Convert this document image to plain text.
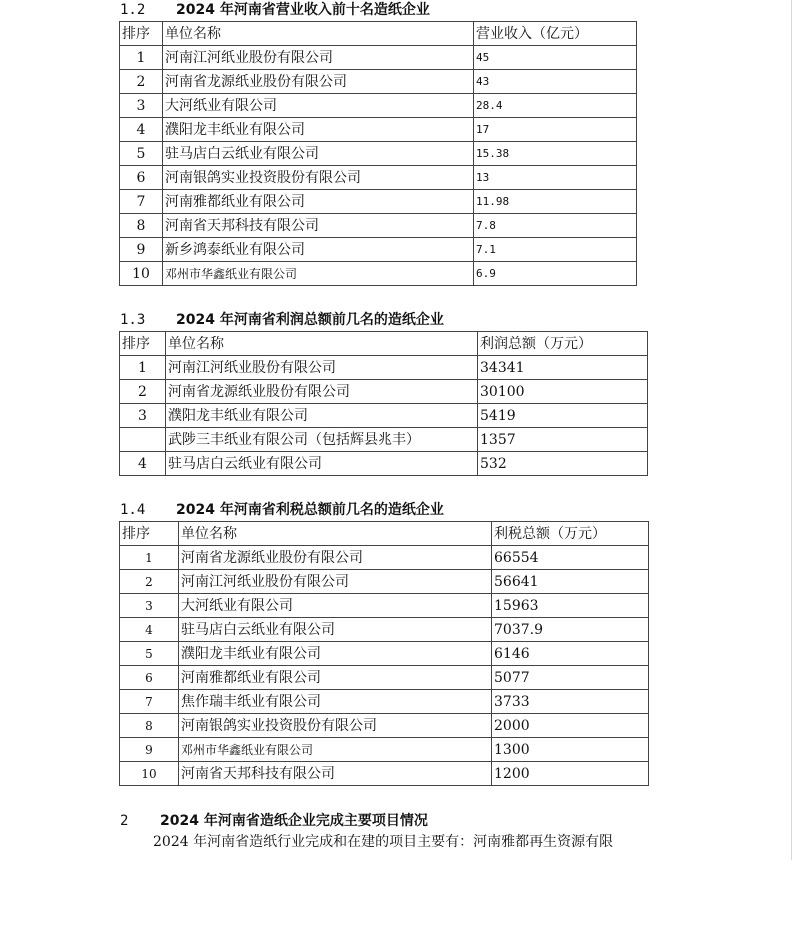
1.2 2024 年河南省营业收入前十名造纸企业
排序	单位名称	营业收入（亿元）
1	河南江河纸业股份有限公司	45
2	河南省龙源纸业股份有限公司	43
3	大河纸业有限公司	28.4
4	濮阳龙丰纸业有限公司	17
5	驻马店白云纸业有限公司	15.38
6	河南银鸽实业投资股份有限公司	13
7	河南雅都纸业有限公司	11.98
8	河南省天邦科技有限公司	7.8
9	新乡鸿泰纸业有限公司	7.1
10	邓州市华鑫纸业有限公司	6.9
1.3 2024 年河南省利润总额前几名的造纸企业
排序	单位名称	利润总额（万元）
1	河南江河纸业股份有限公司	34341
2	河南省龙源纸业股份有限公司	30100
3	濮阳龙丰纸业有限公司	5419
	武陟三丰纸业有限公司（包括辉县兆丰）	1357
4	驻马店白云纸业有限公司	532
1.4 2024 年河南省利税总额前几名的造纸企业
排序	单位名称	利税总额（万元）
1	河南省龙源纸业股份有限公司	66554
2	河南江河纸业股份有限公司	56641
3	大河纸业有限公司	15963
4	驻马店白云纸业有限公司	7037.9
5	濮阳龙丰纸业有限公司	6146
6	河南雅都纸业有限公司	5077
7	焦作瑞丰纸业有限公司	3733
8	河南银鸽实业投资股份有限公司	2000
9	邓州市华鑫纸业有限公司	1300
10	河南省天邦科技有限公司	1200
2 2024 年河南省造纸企业完成主要项目情况
2024 年河南省造纸行业完成和在建的项目主要有：河南雅都再生资源有限
